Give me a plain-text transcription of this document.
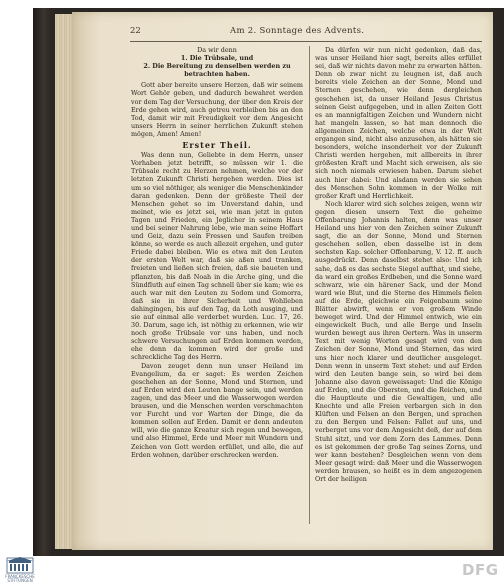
22	Am 2. Sonntage des Advents.
Da wir denn
1. Die Trübsale, und
2. Die Bereitung zu denselben werden zu betrachten haben.

Gott aber bereite unsere Herzen, daß wir seinem Wort Gehör geben, und dadurch bewahret werden vor dem Tag der Versuchung, der über den Kreis der Erde gehen wird, auch getreu verbleiben bis an den Tod, damit wir mit Freudigkeit vor dem Angesicht unsers Herrn in seiner herrlichen Zukunft stehen mögen, Amen! Amen!

Erster Theil.

Was denn nun, Geliebte in dem Herrn, unser Vorhaben jetzt betrifft, so müssen wir 1. die Trübsale recht zu Herzen nehmen, welche vor der letzten Zukunft Christi hergehen werden. Dies ist um so viel nöthiger, als weniger die Menschenkinder daran gedenken. Denn der größeste Theil der Menschen gehet so im Unverstand dahin, und meinet, wie es jetzt sei, wie man jetzt in guten Tagen und Frieden, ein Jeglicher in seinem Haus und bei seiner Nahrung lebe, wie man seine Hoffart und Geiz, dazu sein Fressen und Saufen treiben könne, so werde es auch allezeit ergehen, und guter Friede dabei bleiben. Wie es etwa mit den Leuten der ersten Welt war, daß sie aßen und tranken, freieten und ließen sich freien, daß sie baueten und pflanzten, bis daß Noah in die Arche ging, und die Sündfluth auf einen Tag schnell über sie kam; wie es auch war mit den Leuten zu Sodom und Gomorra, daß sie in ihrer Sicherheit und Wohlleben dahingingen, bis auf den Tag, da Loth ausging, und sie auf einmal alle verderbet wurden. Luc. 17, 26. 30. Darum, sage ich, ist nöthig zu erkennen, wie wir noch große Trübsale vor uns haben, und noch schwere Versuchungen auf Erden kommen werden, ehe denn da kommen wird der große und schreckliche Tag des Herrn.

Davon zeuget denn nun unser Heiland im Evangelium, da er saget: Es werden Zeichen geschehen an der Sonne, Mond und Sternen, und auf Erden wird den Leuten bange sein, und werden zagen, und das Meer und die Wasserwogen werden brausen, und die Menschen werden verschmachten vor Furcht und vor Warten der Dinge, die da kommen sollen auf Erden. Damit er denn andeuten will, wie die ganze Kreatur sich regen und bewegen, und also Himmel, Erde und Meer mit Wundern und Zeichen von Gott werden erfüllet, und alle, die auf Erden wohnen, darüber erschrecken werden.

Da dürfen wir nun nicht gedenken, daß das, was unser Heiland hier sagt, bereits alles erfüllet sei, daß wir nichts davon mehr zu erwarten hätten. Denn ob zwar nicht zu leugnen ist, daß auch bereits viele Zeichen an der Sonne, Mond und Sternen geschehen, wie denn dergleichen geschehen ist, da unser Heiland Jesus Christus seinen Geist aufgegeben, und in allen Zeiten Gott es an mannigfaltigen Zeichen und Wundern nicht hat mangeln lassen, so hat man dennoch die allgemeinen Zeichen, welche etwa in der Welt ergangen sind, nicht also anzusehen, als hätten sie besonders, welche insonderheit vor der Zukunft Christi werden hergehen, mit allbereits in ihrer größesten Kraft und Macht sich erweisen, als sie sich noch niemals erwiesen haben. Darum siehet auch hier dabei: Und alsdann werden sie sehen des Menschen Sohn kommen in der Wolke mit großer Kraft und Herrlichkeit.

Noch klarer wird sich solches zeigen, wenn wir gegen diesen unsern Text die geheime Offenbarung Johannis halten, denn was unser Heiland uns hier von den Zeichen seiner Zukunft sagt, die an der Sonne, Mond und Sternen geschehen sollen, eben dasselbe ist in dem sechsten Kap. solcher Offenbarung, V. 12. ff. auch ausgedrückt. Denn daselbst stehet also: Und ich sahe, daß es das sechste Siegel aufthat, und siehe, da ward ein großes Erdbeben, und die Sonne ward schwarz, wie ein härener Sack, und der Mond ward wie Blut, und die Sterne des Himmels fielen auf die Erde, gleichwie ein Feigenbaum seine Blätter abwirft, wenn er von großem Winde beweget wird. Und der Himmel entwich, wie ein eingewickelt Buch, und alle Berge und Inseln wurden bewegt aus ihren Oertern. Was in unserm Text mit wenig Worten gesagt wird von den Zeichen der Sonne, Mond und Sternen, das wird uns hier noch klarer und deutlicher ausgeleget. Denn wenn in unserm Text stehet: und auf Erden wird den Leuten bange sein, so wird bei dem Johanne also davon geweissaget: Und die Könige auf Erden, und die Obersten, und die Reichen, und die Hauptleute und die Gewaltigen, und alle Knechte und alle Freien verbargen sich in den Klüften und Felsen an den Bergen, und sprachen zu den Bergen und Felsen: Fallet auf uns, und verberget uns vor dem Angesicht deß, der auf dem Stuhl sitzt, und vor dem Zorn des Lammes. Denn es ist gekommen der große Tag seines Zorns, und wer kann bestehen? Desgleichen wenn von dem Meer gesagt wird: daß Meer und die Wasserwogen werden brausen, so heißt es in dem angezogenen Ort der heiligen

FRANCKESCHE STIFTUNGEN
DFG
